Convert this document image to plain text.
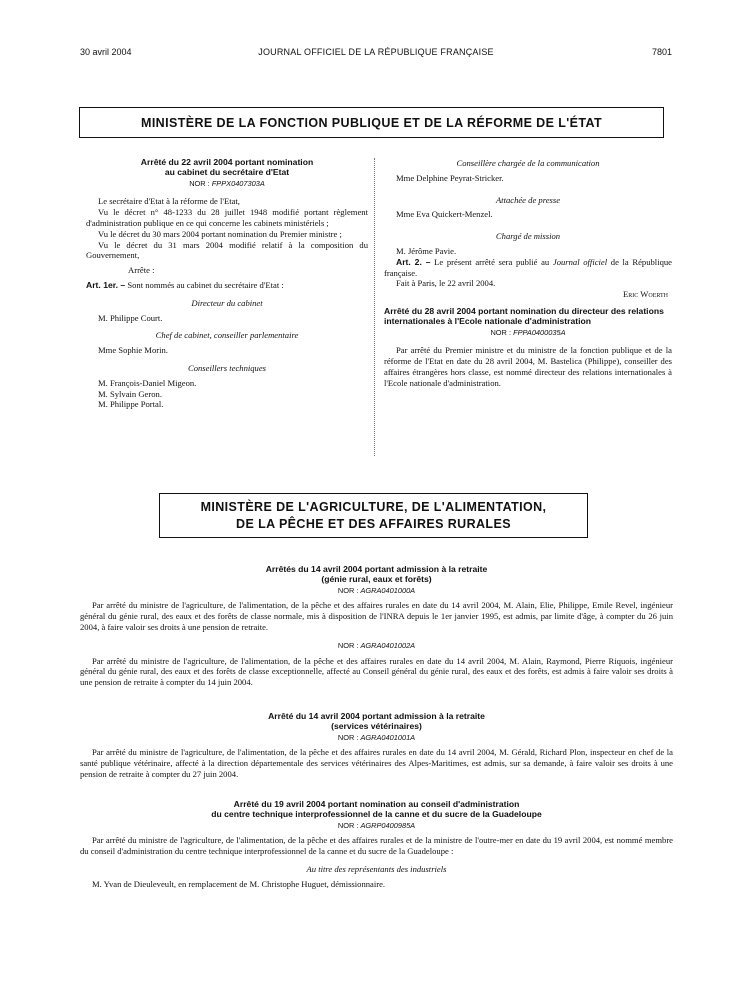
30 avril 2004	JOURNAL OFFICIEL DE LA RÉPUBLIQUE FRANÇAISE	7801
MINISTÈRE DE LA FONCTION PUBLIQUE ET DE LA RÉFORME DE L'ÉTAT
Arrêté du 22 avril 2004 portant nomination
au cabinet du secrétaire d'Etat
NOR : FPPX0407303A

Le secrétaire d'Etat à la réforme de l'Etat,

Vu le décret n° 48-1233 du 28 juillet 1948 modifié portant règlement d'administration publique en ce qui concerne les cabinets ministériels ;

Vu le décret du 30 mars 2004 portant nomination du Premier ministre ;

Vu le décret du 31 mars 2004 modifié relatif à la composition du Gouvernement,

Arrête :

Art. 1er. – Sont nommés au cabinet du secrétaire d'Etat :

Directeur du cabinet

M. Philippe Court.

Chef de cabinet, conseiller parlementaire

Mme Sophie Morin.

Conseillers techniques

M. François-Daniel Migeon.

M. Sylvain Geron.

M. Philippe Portal.

Conseillère chargée de la communication

Mme Delphine Peyrat-Stricker.

Attachée de presse

Mme Eva Quickert-Menzel.

Chargé de mission

M. Jérôme Pavie.

Art. 2. – Le présent arrêté sera publié au Journal officiel de la République française.

Fait à Paris, le 22 avril 2004.

Eric Woerth

Arrêté du 28 avril 2004 portant nomination du directeur des relations internationales à l'Ecole nationale d'administration
NOR : FPPA0400035A

Par arrêté du Premier ministre et du ministre de la fonction publique et de la réforme de l'Etat en date du 28 avril 2004, M. Bastelica (Philippe), conseiller des affaires étrangères hors classe, est nommé directeur des relations internationales à l'Ecole nationale d'administration.

MINISTÈRE DE L'AGRICULTURE, DE L'ALIMENTATION,
DE LA PÊCHE ET DES AFFAIRES RURALES
Arrêtés du 14 avril 2004 portant admission à la retraite
(génie rural, eaux et forêts)
NOR : AGRA0401000A

Par arrêté du ministre de l'agriculture, de l'alimentation, de la pêche et des affaires rurales en date du 14 avril 2004, M. Alain, Elie, Philippe, Emile Revel, ingénieur général du génie rural, des eaux et des forêts de classe normale, mis à disposition de l'INRA depuis le 1er janvier 1995, est admis, par limite d'âge, à compter du 26 juin 2004, à faire valoir ses droits à une pension de retraite.

NOR : AGRA0401002A

Par arrêté du ministre de l'agriculture, de l'alimentation, de la pêche et des affaires rurales en date du 14 avril 2004, M. Alain, Raymond, Pierre Riquois, ingénieur général du génie rural, des eaux et des forêts de classe exceptionnelle, affecté au Conseil général du génie rural, des eaux et des forêts, est admis à faire valoir ses droits à une pension de retraite à compter du 14 juin 2004.

Arrêté du 14 avril 2004 portant admission à la retraite
(services vétérinaires)
NOR : AGRA0401001A

Par arrêté du ministre de l'agriculture, de l'alimentation, de la pêche et des affaires rurales en date du 14 avril 2004, M. Gérald, Richard Plon, inspecteur en chef de la santé publique vétérinaire, affecté à la direction départementale des services vétérinaires des Alpes-Maritimes, est admis, sur sa demande, à faire valoir ses droits à une pension de retraite à compter du 27 juin 2004.

Arrêté du 19 avril 2004 portant nomination au conseil d'administration
du centre technique interprofessionnel de la canne et du sucre de la Guadeloupe
NOR : AGRP0400985A

Par arrêté du ministre de l'agriculture, de l'alimentation, de la pêche et des affaires rurales et de la ministre de l'outre-mer en date du 19 avril 2004, est nommé membre du conseil d'administration du centre technique interprofessionnel de la canne et du sucre de la Guadeloupe :

Au titre des représentants des industriels

M. Yvan de Dieuleveult, en remplacement de M. Christophe Huguet, démissionnaire.
